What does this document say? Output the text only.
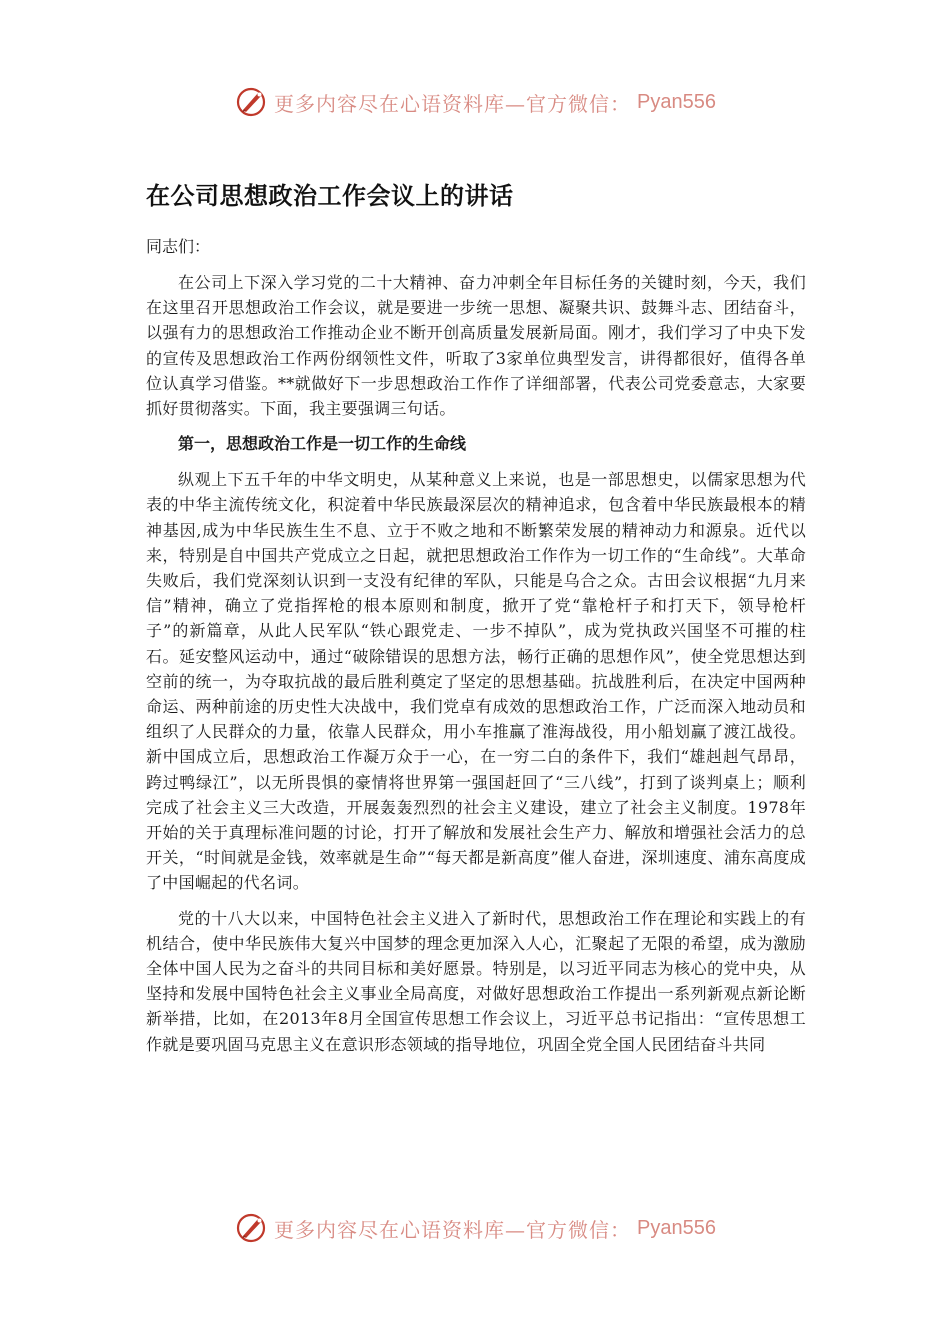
更多内容尽在心语资料库—官方微信： Pyan556
在公司思想政治工作会议上的讲话
同志们：

在公司上下深入学习党的二十大精神、奋力冲刺全年目标任务的关键时刻，今天，我们在这里召开思想政治工作会议，就是要进一步统一思想、凝聚共识、鼓舞斗志、团结奋斗，以强有力的思想政治工作推动企业不断开创高质量发展新局面。刚才，我们学习了中央下发的宣传及思想政治工作两份纲领性文件，听取了3家单位典型发言，讲得都很好，值得各单位认真学习借鉴。**就做好下一步思想政治工作作了详细部署，代表公司党委意志，大家要抓好贯彻落实。下面，我主要强调三句话。

第一，思想政治工作是一切工作的生命线

纵观上下五千年的中华文明史，从某种意义上来说，也是一部思想史，以儒家思想为代表的中华主流传统文化，积淀着中华民族最深层次的精神追求，包含着中华民族最根本的精神基因,成为中华民族生生不息、立于不败之地和不断繁荣发展的精神动力和源泉。近代以来，特别是自中国共产党成立之日起，就把思想政治工作作为一切工作的“生命线”。大革命失败后，我们党深刻认识到一支没有纪律的军队，只能是乌合之众。古田会议根据“九月来信”精神，确立了党指挥枪的根本原则和制度，掀开了党“靠枪杆子和打天下，领导枪杆子”的新篇章，从此人民军队“铁心跟党走、一步不掉队”，成为党执政兴国坚不可摧的柱石。延安整风运动中，通过“破除错误的思想方法，畅行正确的思想作风”，使全党思想达到空前的统一，为夺取抗战的最后胜利奠定了坚定的思想基础。抗战胜利后，在决定中国两种命运、两种前途的历史性大决战中，我们党卓有成效的思想政治工作，广泛而深入地动员和组织了人民群众的力量，依靠人民群众，用小车推赢了淮海战役，用小船划赢了渡江战役。新中国成立后，思想政治工作凝万众于一心，在一穷二白的条件下，我们“雄赳赳气昂昂，跨过鸭绿江”，以无所畏惧的豪情将世界第一强国赶回了“三八线”，打到了谈判桌上；顺利完成了社会主义三大改造，开展轰轰烈烈的社会主义建设，建立了社会主义制度。1978年开始的关于真理标准问题的讨论，打开了解放和发展社会生产力、解放和增强社会活力的总开关，“时间就是金钱，效率就是生命”“每天都是新高度”催人奋进，深圳速度、浦东高度成了中国崛起的代名词。

党的十八大以来，中国特色社会主义进入了新时代，思想政治工作在理论和实践上的有机结合，使中华民族伟大复兴中国梦的理念更加深入人心，汇聚起了无限的希望，成为激励全体中国人民为之奋斗的共同目标和美好愿景。特别是，以习近平同志为核心的党中央，从坚持和发展中国特色社会主义事业全局高度，对做好思想政治工作提出一系列新观点新论断新举措，比如，在2013年8月全国宣传思想工作会议上，习近平总书记指出：“宣传思想工作就是要巩固马克思主义在意识形态领域的指导地位，巩固全党全国人民团结奋斗共同

更多内容尽在心语资料库—官方微信： Pyan556
